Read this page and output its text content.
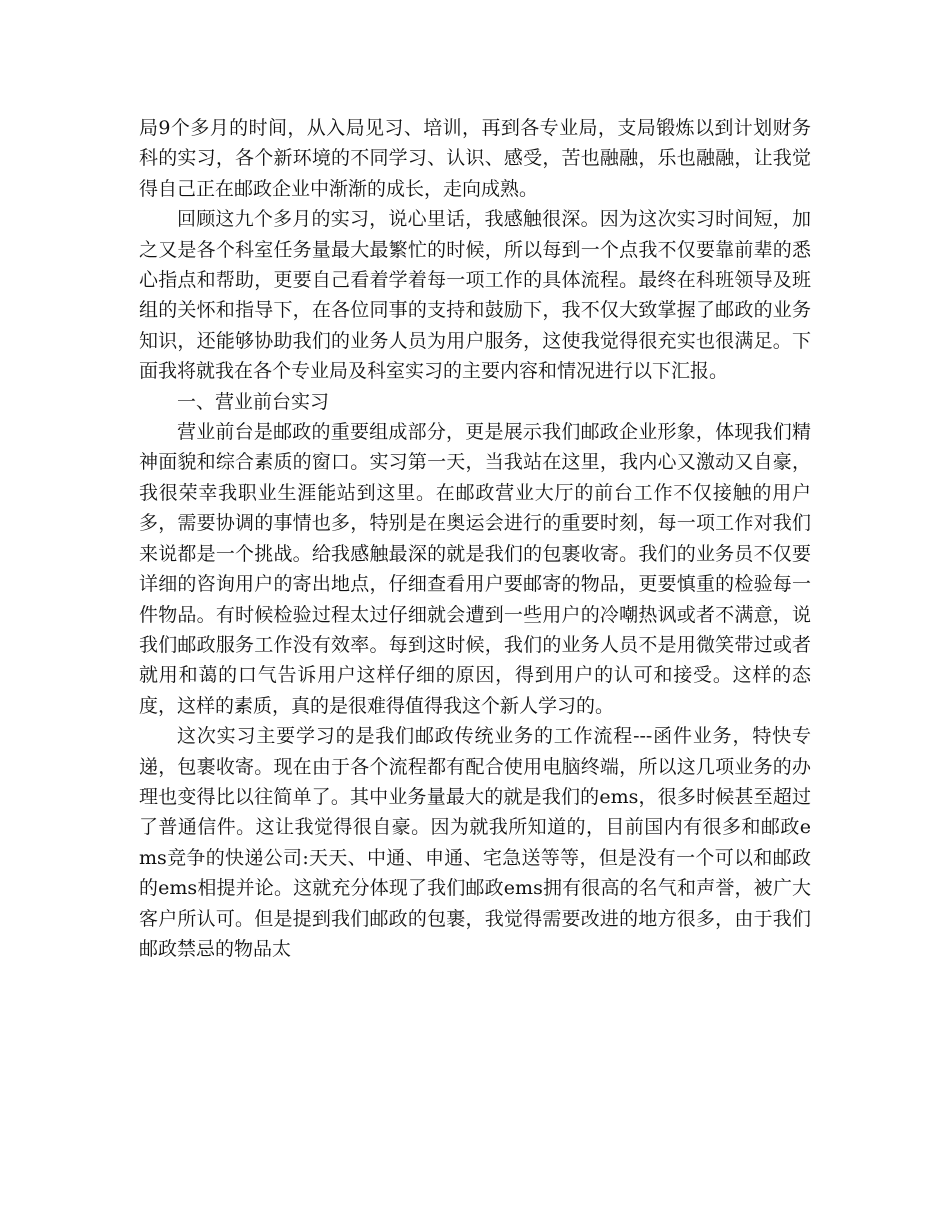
局9个多月的时间，从入局见习、培训，再到各专业局，支局锻炼以到计划财务科的实习，各个新环境的不同学习、认识、感受，苦也融融，乐也融融，让我觉得自己正在邮政企业中渐渐的成长，走向成熟。

回顾这九个多月的实习，说心里话，我感触很深。因为这次实习时间短，加之又是各个科室任务量最大最繁忙的时候，所以每到一个点我不仅要靠前辈的悉心指点和帮助，更要自己看着学着每一项工作的具体流程。最终在科班领导及班组的关怀和指导下，在各位同事的支持和鼓励下，我不仅大致掌握了邮政的业务知识，还能够协助我们的业务人员为用户服务，这使我觉得很充实也很满足。下面我将就我在各个专业局及科室实习的主要内容和情况进行以下汇报。

一、营业前台实习

营业前台是邮政的重要组成部分，更是展示我们邮政企业形象，体现我们精神面貌和综合素质的窗口。实习第一天，当我站在这里，我内心又激动又自豪，我很荣幸我职业生涯能站到这里。在邮政营业大厅的前台工作不仅接触的用户多，需要协调的事情也多，特别是在奥运会进行的重要时刻，每一项工作对我们来说都是一个挑战。给我感触最深的就是我们的包裹收寄。我们的业务员不仅要详细的咨询用户的寄出地点，仔细查看用户要邮寄的物品，更要慎重的检验每一件物品。有时候检验过程太过仔细就会遭到一些用户的冷嘲热讽或者不满意，说我们邮政服务工作没有效率。每到这时候，我们的业务人员不是用微笑带过或者就用和蔼的口气告诉用户这样仔细的原因，得到用户的认可和接受。这样的态度，这样的素质，真的是很难得值得我这个新人学习的。

这次实习主要学习的是我们邮政传统业务的工作流程---函件业务，特快专递，包裹收寄。现在由于各个流程都有配合使用电脑终端，所以这几项业务的办理也变得比以往简单了。其中业务量最大的就是我们的ems，很多时候甚至超过了普通信件。这让我觉得很自豪。因为就我所知道的，目前国内有很多和邮政ems竞争的快递公司:天天、中通、申通、宅急送等等，但是没有一个可以和邮政的ems相提并论。这就充分体现了我们邮政ems拥有很高的名气和声誉，被广大客户所认可。但是提到我们邮政的包裹，我觉得需要改进的地方很多，由于我们邮政禁忌的物品太
